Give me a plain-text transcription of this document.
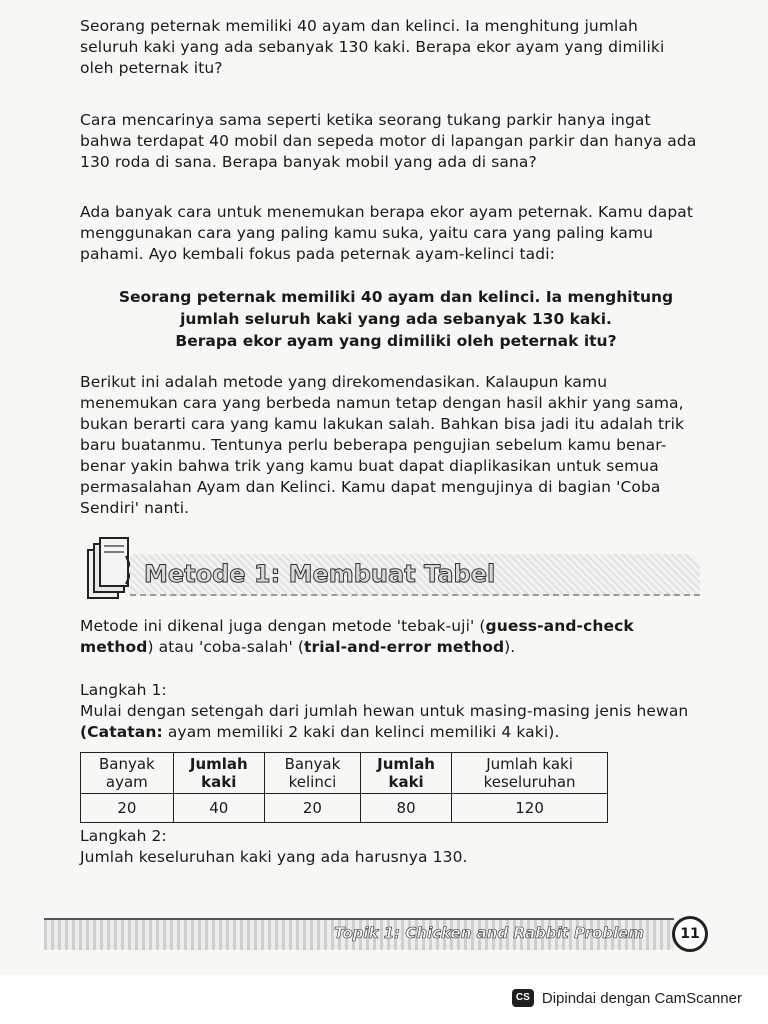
Seorang peternak memiliki 40 ayam dan kelinci. Ia menghitung jumlah seluruh kaki yang ada sebanyak 130 kaki. Berapa ekor ayam yang dimiliki oleh peternak itu?

Cara mencarinya sama seperti ketika seorang tukang parkir hanya ingat bahwa terdapat 40 mobil dan sepeda motor di lapangan parkir dan hanya ada 130 roda di sana. Berapa banyak mobil yang ada di sana?

Ada banyak cara untuk menemukan berapa ekor ayam peternak. Kamu dapat menggunakan cara yang paling kamu suka, yaitu cara yang paling kamu pahami. Ayo kembali fokus pada peternak ayam-kelinci tadi:

Seorang peternak memiliki 40 ayam dan kelinci. Ia menghitung
jumlah seluruh kaki yang ada sebanyak 130 kaki.
Berapa ekor ayam yang dimiliki oleh peternak itu?

Berikut ini adalah metode yang direkomendasikan. Kalaupun kamu menemukan cara yang berbeda namun tetap dengan hasil akhir yang sama, bukan berarti cara yang kamu lakukan salah. Bahkan bisa jadi itu adalah trik baru buatanmu. Tentunya perlu beberapa pengujian sebelum kamu benar-benar yakin bahwa trik yang kamu buat dapat diaplikasikan untuk semua permasalahan Ayam dan Kelinci. Kamu dapat mengujinya di bagian 'Coba Sendiri' nanti.

Metode 1: Membuat Tabel

Metode ini dikenal juga dengan metode 'tebak-uji' (guess-and-check method) atau 'coba-salah' (trial-and-error method).

Langkah 1:
Mulai dengan setengah dari jumlah hewan untuk masing-masing jenis hewan
(Catatan: ayam memiliki 2 kaki dan kelinci memiliki 4 kaki).

Banyak ayam	Jumlah kaki	Banyak kelinci	Jumlah kaki	Jumlah kaki keseluruhan
20	40	20	80	120

Langkah 2:
Jumlah keseluruhan kaki yang ada harusnya 130.

Topik 1: Chicken and Rabbit Problem	11
CS Dipindai dengan CamScanner
